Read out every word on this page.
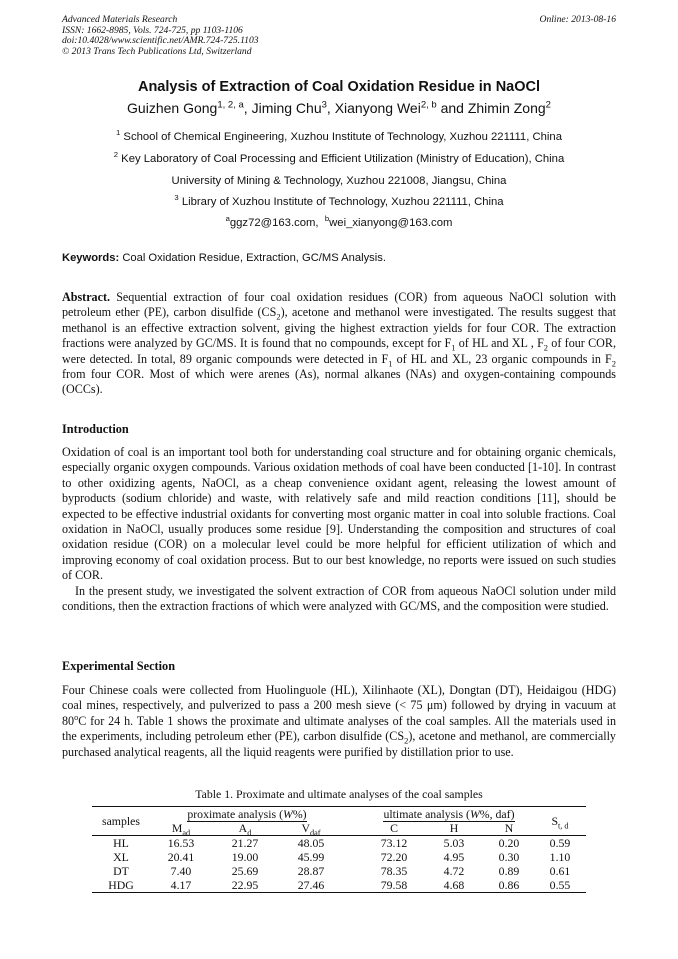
Advanced Materials Research
ISSN: 1662-8985, Vols. 724-725, pp 1103-1106
doi:10.4028/www.scientific.net/AMR.724-725.1103
© 2013 Trans Tech Publications Ltd, Switzerland
Online: 2013-08-16
Analysis of Extraction of Coal Oxidation Residue in NaOCl
Guizhen Gong$^{1, 2, a}$, Jiming Chu$^3$, Xianyong Wei$^{2, b}$ and Zhimin Zong$^2$
$^1$ School of Chemical Engineering, Xuzhou Institute of Technology, Xuzhou 221111, China
$^2$ Key Laboratory of Coal Processing and Efficient Utilization (Ministry of Education), China
University of Mining & Technology, Xuzhou 221008, Jiangsu, China
$^3$ Library of Xuzhou Institute of Technology, Xuzhou 221111, China
$^a$ggz72@163.com, $^b$wei_xianyong@163.com
Keywords: Coal Oxidation Residue, Extraction, GC/MS Analysis.
Abstract. Sequential extraction of four coal oxidation residues (COR) from aqueous NaOCl solution with petroleum ether (PE), carbon disulfide $(CS_2)$, acetone and methanol were investigated. The results suggest that methanol is an effective extraction solvent, giving the highest extraction yields for four COR. The extraction fractions were analyzed by GC/MS. It is found that no compounds, except for $F_1$ of HL and XL , $F_2$ of four COR, were detected. In total, 89 organic compounds were detected in $F_1$ of HL and XL, 23 organic compounds in $F_2$ from four COR. Most of which were arenes (As), normal alkanes (NAs) and oxygen-containing compounds (OCCs).
Introduction
Oxidation of coal is an important tool both for understanding coal structure and for obtaining organic chemicals, especially organic oxygen compounds. Various oxidation methods of coal have been conducted [1-10]. In contrast to other oxidizing agents, NaOCl, as a cheap convenience oxidant agent, releasing the lowest amount of byproducts (sodium chloride) and waste, with relatively safe and mild reaction conditions [11], should be expected to be effective industrial oxidants for converting most organic matter in coal into soluble fractions. Coal oxidation in NaOCl, usually produces some residue [9]. Understanding the composition and structures of coal oxidation residue (COR) on a molecular level could be more helpful for efficient utilization of which and improving economy of coal oxidation process. But to our best knowledge, no reports were issued on such studies of COR.
In the present study, we investigated the solvent extraction of COR from aqueous NaOCl solution under mild conditions, then the extraction fractions of which were analyzed with GC/MS, and the composition were studied.
Experimental Section
Four Chinese coals were collected from Huolinguole (HL), Xilinhaote (XL), Dongtan (DT), Heidaigou (HDG) coal mines, respectively, and pulverized to pass a 200 mesh sieve (< 75 μm) followed by drying in vacuum at 80$^o$C for 24 h. Table 1 shows the proximate and ultimate analyses of the coal samples. All the materials used in the experiments, including petroleum ether (PE), carbon disulfide $(CS_2)$, acetone and methanol, are commercially purchased analytical reagents, all the liquid reagents were purified by distillation prior to use.
Table 1. Proximate and ultimate analyses of the coal samples
samples	proximate analysis (W%)				ultimate analysis (W%, daf)			$S_{t, d}$
	$M_{ad}$	$A_d$	$V_{daf}$		C	H	N	
HL	16.53	21.27	48.05		73.12	5.03	0.20	0.59
XL	20.41	19.00	45.99		72.20	4.95	0.30	1.10
DT	7.40	25.69	28.87		78.35	4.72	0.89	0.61
HDG	4.17	22.95	27.46		79.58	4.68	0.86	0.55
